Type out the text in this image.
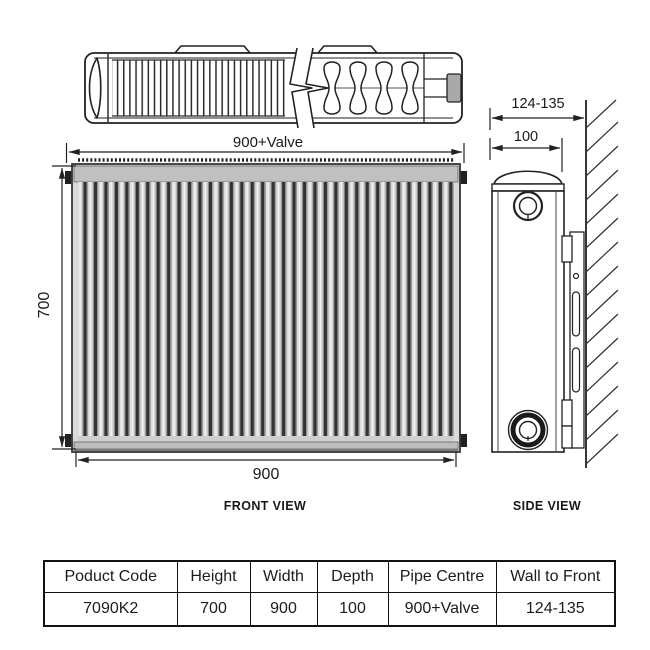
900+Valve
700
900
124-135
100
FRONT VIEW	SIDE VIEW
Poduct Code	Height	Width	Depth	Pipe Centre	Wall to Front
7090K2	700	900	100	900+Valve	124-135
